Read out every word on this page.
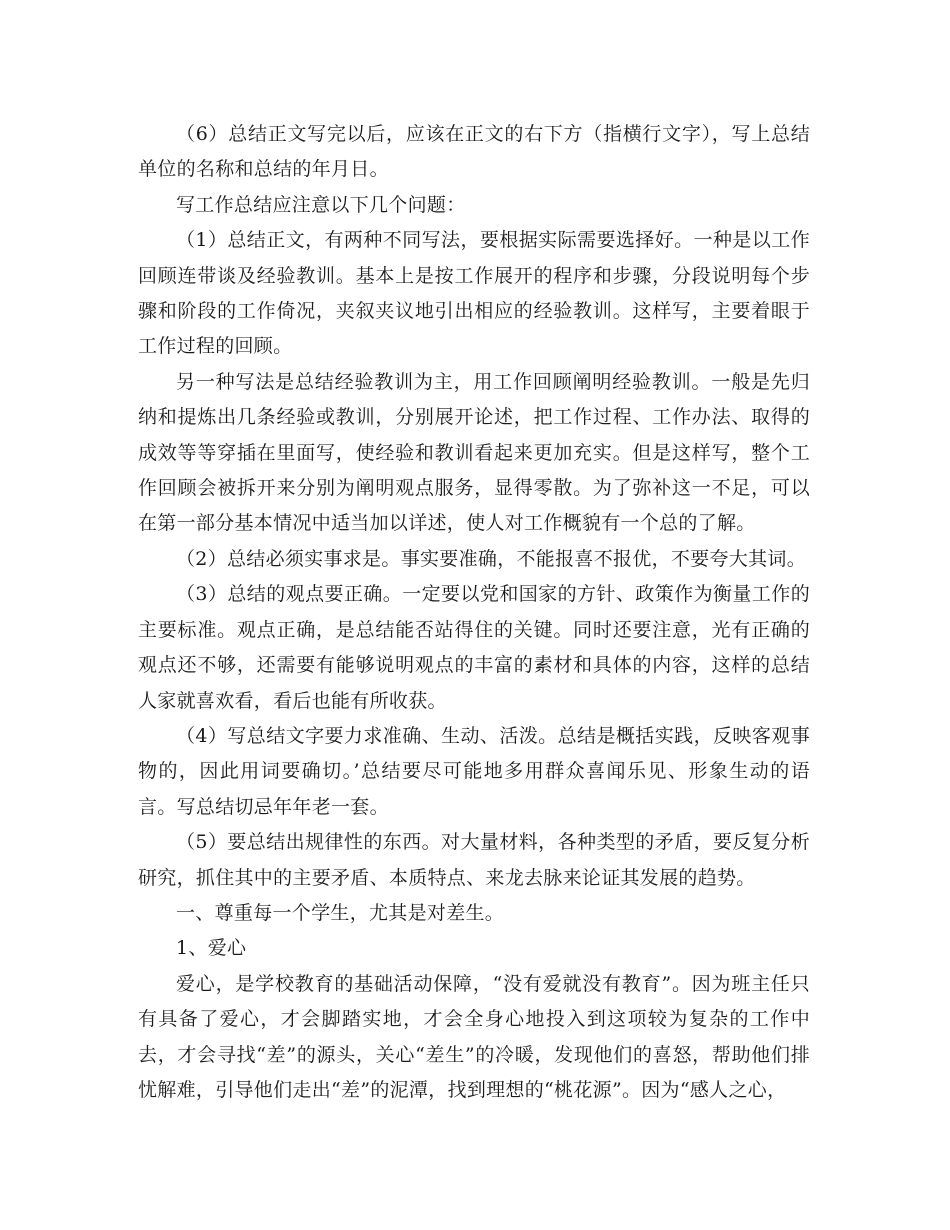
（6）总结正文写完以后，应该在正文的右下方（指横行文字），写上总结单位的名称和总结的年月日。

写工作总结应注意以下几个问题：

（1）总结正文，有两种不同写法，要根据实际需要选择好。一种是以工作回顾连带谈及经验教训。基本上是按工作展开的程序和步骤，分段说明每个步骤和阶段的工作倚况，夹叙夹议地引出相应的经验教训。这样写，主要着眼于工作过程的回顾。

另一种写法是总结经验教训为主，用工作回顾阐明经验教训。一般是先归纳和提炼出几条经验或教训，分别展开论述，把工作过程、工作办法、取得的成效等等穿插在里面写，使经验和教训看起来更加充实。但是这样写，整个工作回顾会被拆开来分别为阐明观点服务，显得零散。为了弥补这一不足，可以在第一部分基本情况中适当加以详述，使人对工作概貌有一个总的了解。

（2）总结必须实事求是。事实要准确，不能报喜不报优，不要夸大其词。

（3）总结的观点要正确。一定要以党和国家的方针、政策作为衡量工作的主要标准。观点正确，是总结能否站得住的关键。同时还要注意，光有正确的观点还不够，还需要有能够说明观点的丰富的素材和具体的内容，这样的总结人家就喜欢看，看后也能有所收获。

（4）写总结文字要力求准确、生动、活泼。总结是概括实践，反映客观事物的，因此用词要确切。’总结要尽可能地多用群众喜闻乐见、形象生动的语言。写总结切忌年年老一套。

（5）要总结出规律性的东西。对大量材料，各种类型的矛盾，要反复分析研究，抓住其中的主要矛盾、本质特点、来龙去脉来论证其发展的趋势。

一、尊重每一个学生，尤其是对差生。

1、爱心

爱心，是学校教育的基础活动保障，“没有爱就没有教育”。因为班主任只有具备了爱心，才会脚踏实地，才会全身心地投入到这项较为复杂的工作中去，才会寻找“差”的源头，关心“差生”的冷暖，发现他们的喜怒，帮助他们排忧解难，引导他们走出“差”的泥潭，找到理想的“桃花源”。因为“感人之心，
